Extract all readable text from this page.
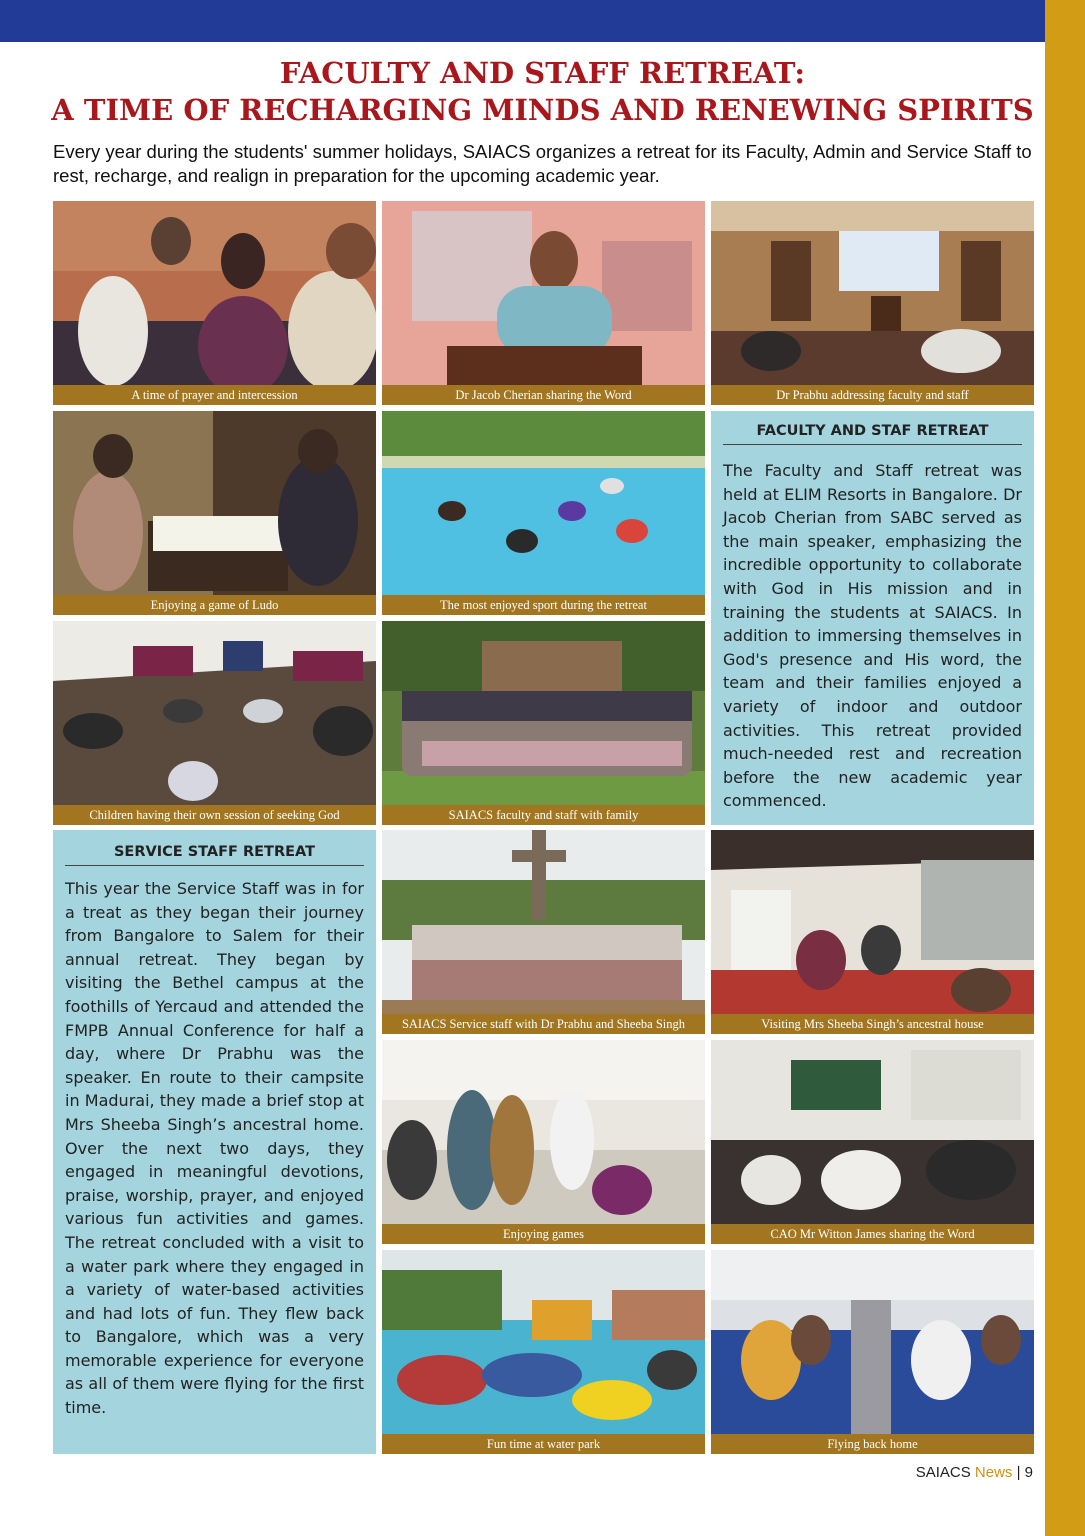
FACULTY AND STAFF RETREAT:
A TIME OF RECHARGING MINDS AND RENEWING SPIRITS
Every year during the students' summer holidays, SAIACS organizes a retreat for its Faculty, Admin and Service Staff to rest, recharge, and realign in preparation for the upcoming academic year.
A time of prayer and intercession	Dr Jacob Cherian sharing the Word	Dr Prabhu addressing faculty and staff
Enjoying a game of Ludo	The most enjoyed sport during the retreat
FACULTY AND STAF RETREAT
The Faculty and Staff retreat was held at ELIM Resorts in Bangalore. Dr Jacob Cherian from SABC served as the main speaker, emphasizing the incredible opportunity to collaborate with God in His mission and in training the students at SAIACS. In addition to immersing themselves in God's presence and His word, the team and their families enjoyed a variety of indoor and outdoor activities. This retreat provided much-needed rest and recreation before the new academic year commenced.
Children having their own session of seeking God	SAIACS faculty and staff with family
SERVICE STAFF RETREAT
This year the Service Staff was in for a treat as they began their journey from Bangalore to Salem for their annual retreat. They began by visiting the Bethel campus at the foothills of Yercaud and attended the FMPB Annual Conference for half a day, where Dr Prabhu was the speaker. En route to their campsite in Madurai, they made a brief stop at Mrs Sheeba Singh’s ancestral home. Over the next two days, they engaged in meaningful devotions, praise, worship, prayer, and enjoyed various fun activities and games. The retreat concluded with a visit to a water park where they engaged in a variety of water-based activities and had lots of fun. They flew back to Bangalore, which was a very memorable experience for everyone as all of them were flying for the first time.
SAIACS Service staff with Dr Prabhu and Sheeba Singh	Visiting Mrs Sheeba Singh’s ancestral house
Enjoying games	CAO Mr Witton James sharing the Word
Fun time at water park	Flying back home
SAIACS News | 9
